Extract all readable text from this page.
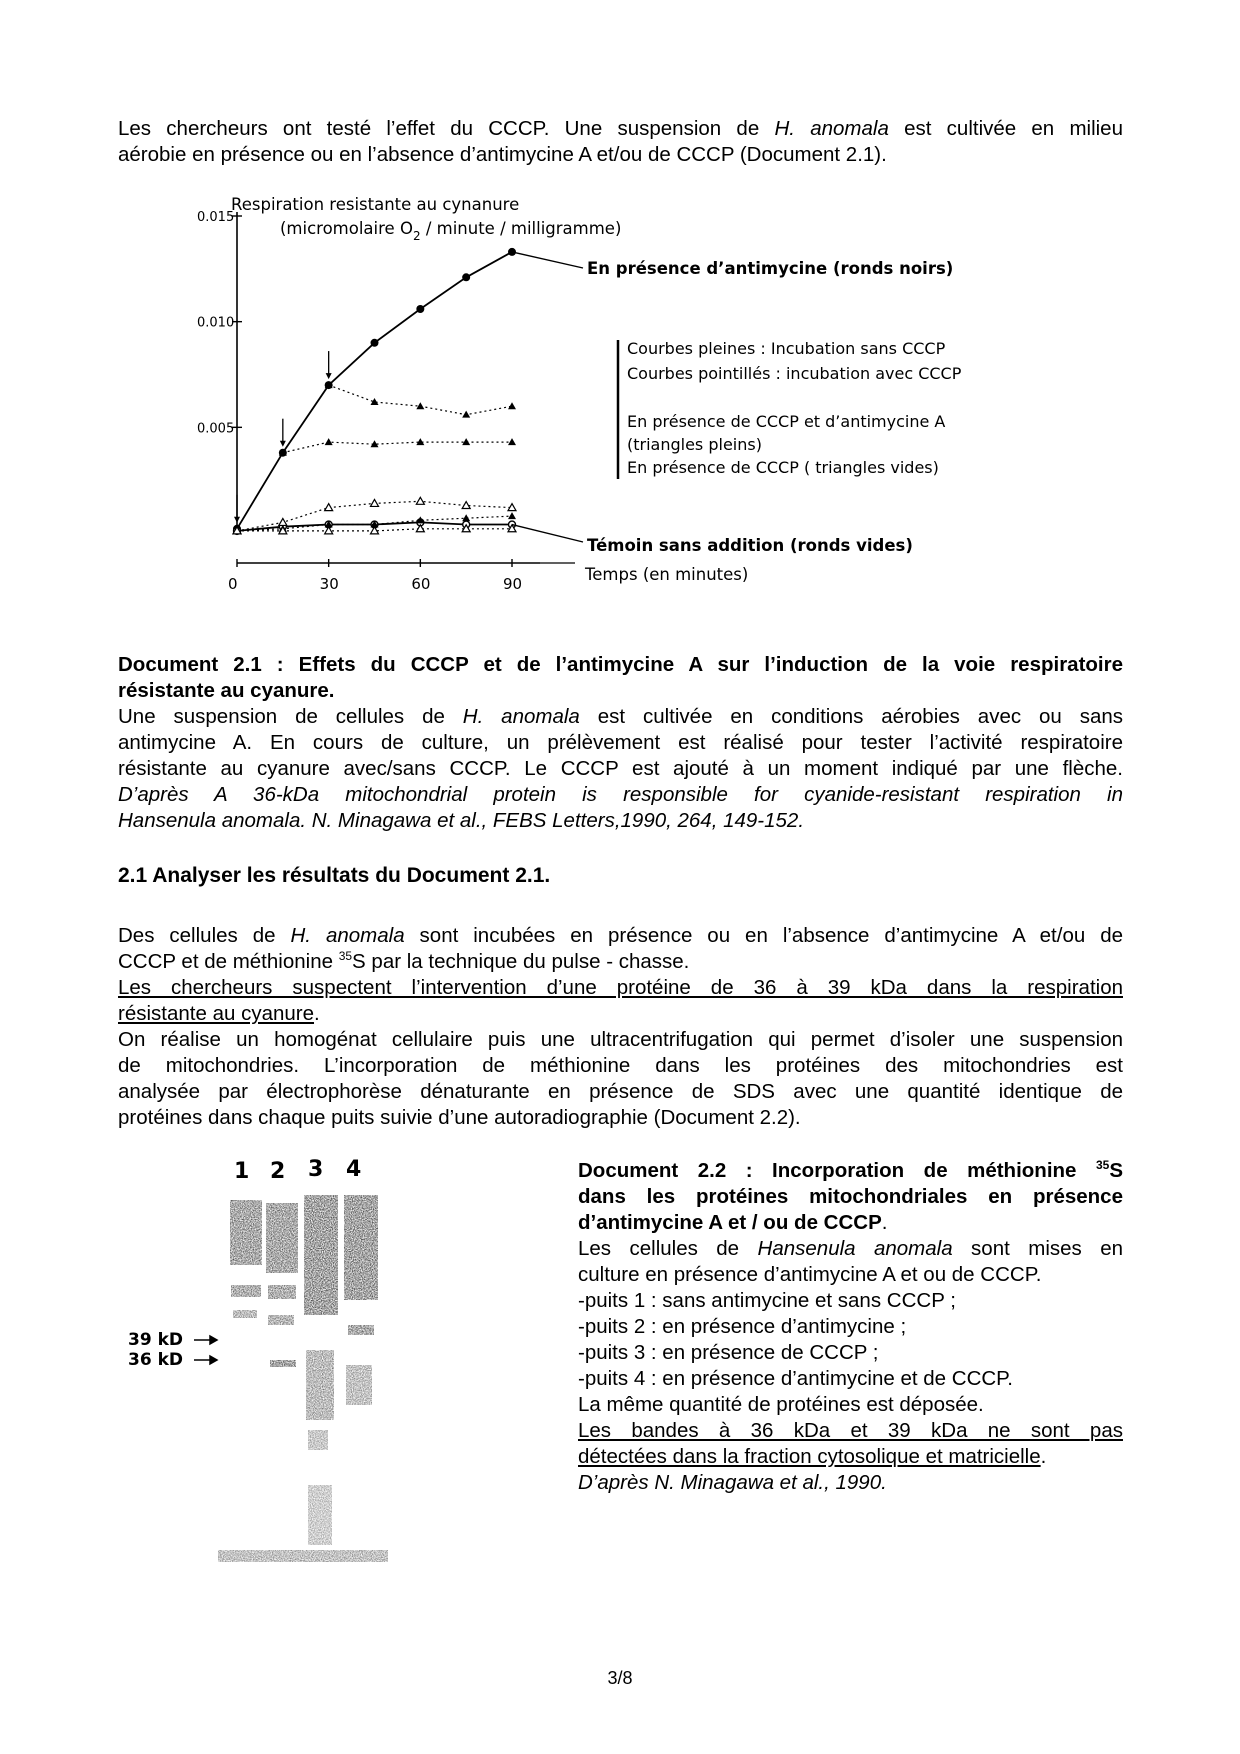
Les chercheurs ont testé l’effet du CCCP. Une suspension de H. anomala est cultivée en milieu
aérobie en présence ou en l’absence d’antimycine A et/ou de CCCP (Document 2.1).
0.005
0.010
0.015
0	30	60	90
Respiration resistante au cynanure
(micromolaire $O_2$ / minute / milligramme)
Temps (en minutes)
En présence d’antimycine (ronds noirs)
Témoin sans addition (ronds vides)
Courbes pleines : Incubation sans CCCP
Courbes pointillés : incubation avec CCCP
En présence de CCCP et d’antimycine A
(triangles pleins)
En présence de CCCP ( triangles vides)
Document 2.1 : Effets du CCCP et de l’antimycine A sur l’induction de la voie respiratoire
résistante au cyanure.
Une suspension de cellules de H. anomala est cultivée en conditions aérobies avec ou sans
antimycine A. En cours de culture, un prélèvement est réalisé pour tester l’activité respiratoire
résistante au cyanure avec/sans CCCP. Le CCCP est ajouté à un moment indiqué par une flèche.
D’après A 36-kDa mitochondrial protein is responsible for cyanide-resistant respiration in
Hansenula anomala. N. Minagawa et al., FEBS Letters,1990, 264, 149-152.
2.1 Analyser les résultats du Document 2.1.
Des cellules de H. anomala sont incubées en présence ou en l’absence d’antimycine A et/ou de
CCCP et de méthionine $^{35}$S par la technique du pulse - chasse.
Les chercheurs suspectent l’intervention d’une protéine de 36 à 39 kDa dans la respiration
résistante au cyanure.
On réalise un homogénat cellulaire puis une ultracentrifugation qui permet d’isoler une suspension
de mitochondries. L’incorporation de méthionine dans les protéines des mitochondries est
analysée par électrophorèse dénaturante en présence de SDS avec une quantité identique de
protéines dans chaque puits suivie d’une autoradiographie (Document 2.2).
1 2 3 4
39 kD
36 kD
Document 2.2 : Incorporation de méthionine $^{35}$S
dans les protéines mitochondriales en présence
d’antimycine A et / ou de CCCP.
Les cellules de Hansenula anomala sont mises en
culture en présence d’antimycine A et ou de CCCP.
-puits 1 : sans antimycine et sans CCCP ;
-puits 2 : en présence d’antimycine ;
-puits 3 : en présence de CCCP ;
-puits 4 : en présence d’antimycine et de CCCP.
La même quantité de protéines est déposée.
Les bandes à 36 kDa et 39 kDa ne sont pas
détectées dans la fraction cytosolique et matricielle.
D’après N. Minagawa et al., 1990.
3/8
